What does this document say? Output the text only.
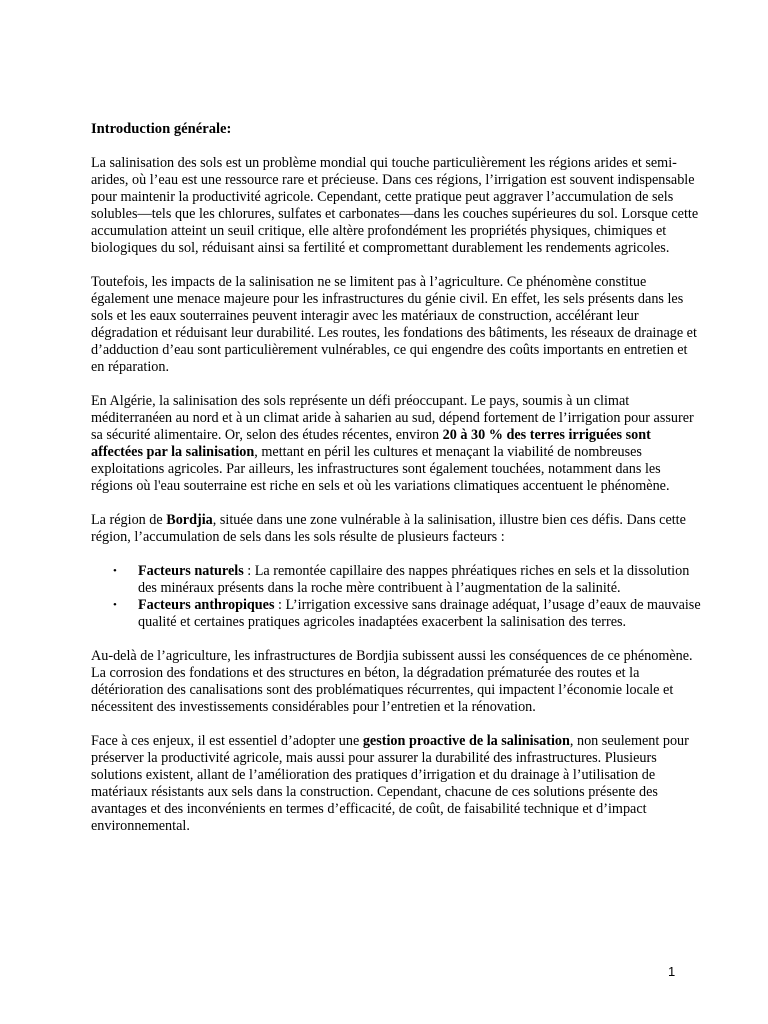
Introduction générale:

La salinisation des sols est un problème mondial qui touche particulièrement les régions arides et semi-arides, où l’eau est une ressource rare et précieuse. Dans ces régions, l’irrigation est souvent indispensable pour maintenir la productivité agricole. Cependant, cette pratique peut aggraver l’accumulation de sels solubles—tels que les chlorures, sulfates et carbonates—dans les couches supérieures du sol. Lorsque cette accumulation atteint un seuil critique, elle altère profondément les propriétés physiques, chimiques et biologiques du sol, réduisant ainsi sa fertilité et compromettant durablement les rendements agricoles.

Toutefois, les impacts de la salinisation ne se limitent pas à l’agriculture. Ce phénomène constitue également une menace majeure pour les infrastructures du génie civil. En effet, les sels présents dans les sols et les eaux souterraines peuvent interagir avec les matériaux de construction, accélérant leur dégradation et réduisant leur durabilité. Les routes, les fondations des bâtiments, les réseaux de drainage et d’adduction d’eau sont particulièrement vulnérables, ce qui engendre des coûts importants en entretien et en réparation.

En Algérie, la salinisation des sols représente un défi préoccupant. Le pays, soumis à un climat méditerranéen au nord et à un climat aride à saharien au sud, dépend fortement de l’irrigation pour assurer sa sécurité alimentaire. Or, selon des études récentes, environ 20 à 30 % des terres irriguées sont affectées par la salinisation, mettant en péril les cultures et menaçant la viabilité de nombreuses exploitations agricoles. Par ailleurs, les infrastructures sont également touchées, notamment dans les régions où l'eau souterraine est riche en sels et où les variations climatiques accentuent le phénomène.

La région de Bordjia, située dans une zone vulnérable à la salinisation, illustre bien ces défis. Dans cette région, l’accumulation de sels dans les sols résulte de plusieurs facteurs :

• Facteurs naturels : La remontée capillaire des nappes phréatiques riches en sels et la dissolution des minéraux présents dans la roche mère contribuent à l’augmentation de la salinité.
• Facteurs anthropiques : L’irrigation excessive sans drainage adéquat, l’usage d’eaux de mauvaise qualité et certaines pratiques agricoles inadaptées exacerbent la salinisation des terres.

Au-delà de l’agriculture, les infrastructures de Bordjia subissent aussi les conséquences de ce phénomène. La corrosion des fondations et des structures en béton, la dégradation prématurée des routes et la détérioration des canalisations sont des problématiques récurrentes, qui impactent l’économie locale et nécessitent des investissements considérables pour l’entretien et la rénovation.

Face à ces enjeux, il est essentiel d’adopter une gestion proactive de la salinisation, non seulement pour préserver la productivité agricole, mais aussi pour assurer la durabilité des infrastructures. Plusieurs solutions existent, allant de l’amélioration des pratiques d’irrigation et du drainage à l’utilisation de matériaux résistants aux sels dans la construction. Cependant, chacune de ces solutions présente des avantages et des inconvénients en termes d’efficacité, de coût, de faisabilité technique et d’impact environnemental.

1
